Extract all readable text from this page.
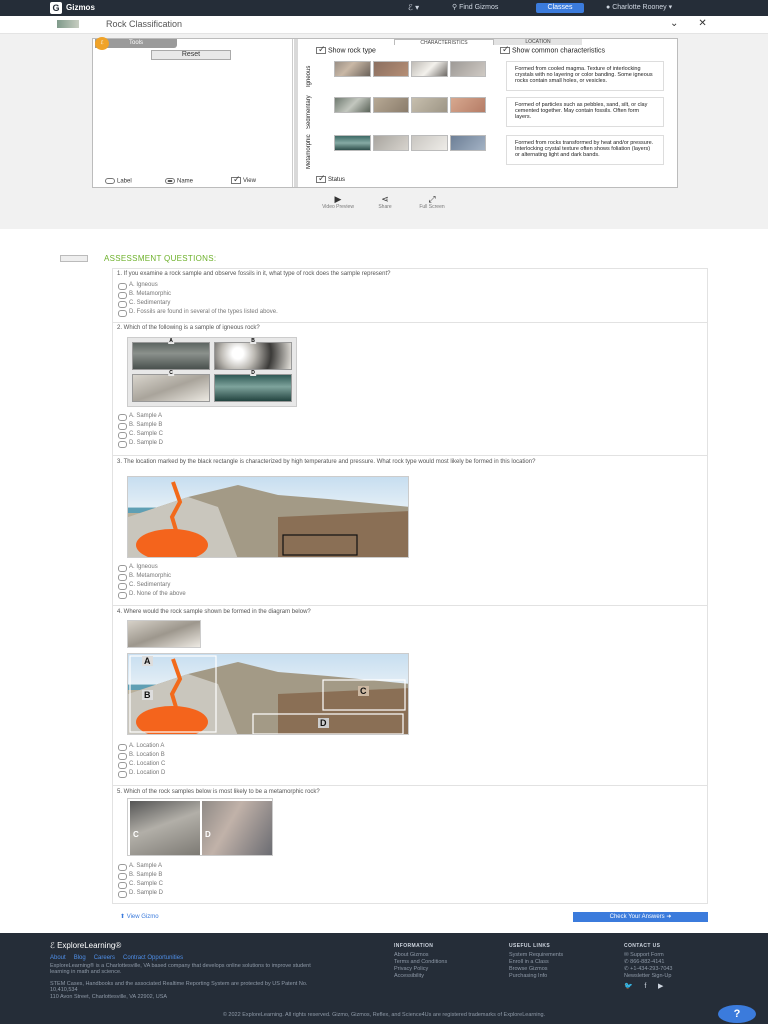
G Gizmos	ℰ ▾	⚲ Find Gizmos	Classes	● Charlotte Rooney ▾
Rock Classification	⌄ ✕
Tools
ℰ
Reset
Label	Name ✓	View
CHARACTERISTICS	LOCATION
✓Show rock type ✓	Show common characteristics
Igneous	Formed from cooled magma. Texture of interlocking crystals with no layering or color banding. Some igneous rocks contain small holes, or vesicles.
Sedimentary	Formed of particles such as pebbles, sand, silt, or clay cemented together. May contain fossils. Often form layers.
Metamorphic	Formed from rocks transformed by heat and/or pressure. Interlocking crystal texture often shows foliation (layers) or alternating light and dark bands.
✓Status
▶
Video Preview
⋖
Share
⤢
Full Screen
ASSESSMENT QUESTIONS:
1. If you examine a rock sample and observe fossils in it, what type of rock does the sample represent?
A. Igneous
B. Metamorphic
C. Sedimentary
D. Fossils are found in several of the types listed above.
2. Which of the following is a sample of igneous rock?
A	B
C	D
A. Sample A
B. Sample B
C. Sample C
D. Sample D
3. The location marked by the black rectangle is characterized by high temperature and pressure. What rock type would most likely be formed in this location?
A. Igneous
B. Metamorphic
C. Sedimentary
D. None of the above
4. Where would the rock sample shown be formed in the diagram below?
A
B	C
D
A. Location A
B. Location B
C. Location C
D. Location D
5. Which of the rock samples below is most likely to be a metamorphic rock?
C	D
A. Sample A
B. Sample B
C. Sample C
D. Sample D
⬆ View Gizmo	Check Your Answers ➜
ℰ ExploreLearning®
About Blog Careers Contract Opportunities
ExploreLearning® is a Charlottesville, VA based company that develops online solutions to improve student learning in math and science.
STEM Cases, Handbooks and the associated Realtime Reporting System are protected by US Patent No. 10,410,534
110 Avon Street, Charlottesville, VA 22902, USA
INFORMATION
About Gizmos
Terms and Conditions
Privacy Policy
Accessibility
USEFUL LINKS
System Requirements
Enroll in a Class
Browse Gizmos
Purchasing Info
CONTACT US
✉ Support Form
✆ 866-882-4141
✆ +1-434-293-7043
Newsletter Sign-Up
🐦 f ▶
© 2022 ExploreLearning. All rights reserved. Gizmo, Gizmos, Reflex, and Science4Us are registered trademarks of ExploreLearning.	?
